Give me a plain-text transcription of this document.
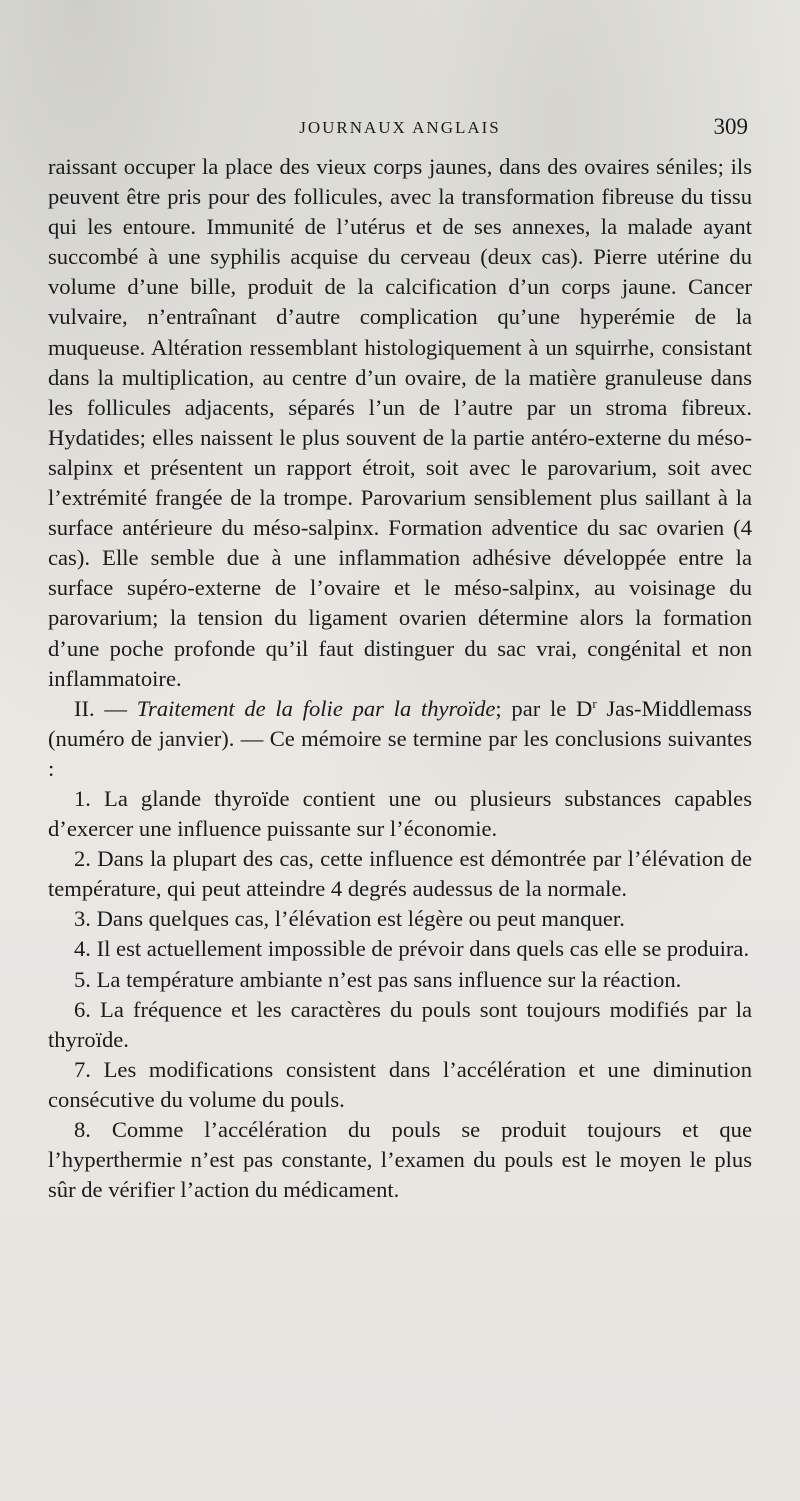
JOURNAUX ANGLAIS	309

raissant occuper la place des vieux corps jaunes, dans des ovaires séniles; ils peuvent être pris pour des follicules, avec la transformation fibreuse du tissu qui les entoure. Immunité de l’utérus et de ses annexes, la malade ayant succombé à une syphilis acquise du cerveau (deux cas). Pierre utérine du volume d’une bille, produit de la calcification d’un corps jaune. Cancer vulvaire, n’entraînant d’autre complication qu’une hyperémie de la muqueuse. Altération ressemblant histologiquement à un squirrhe, consistant dans la multiplication, au centre d’un ovaire, de la matière granuleuse dans les follicules adjacents, séparés l’un de l’autre par un stroma fibreux. Hydatides; elles naissent le plus souvent de la partie antéro-externe du méso-salpinx et présentent un rapport étroit, soit avec le parovarium, soit avec l’extrémité frangée de la trompe. Parovarium sensiblement plus saillant à la surface antérieure du méso-salpinx. Formation adventice du sac ovarien (4 cas). Elle semble due à une inflammation adhésive développée entre la surface supéro-externe de l’ovaire et le méso-salpinx, au voisinage du parovarium; la tension du ligament ovarien détermine alors la formation d’une poche profonde qu’il faut distinguer du sac vrai, congénital et non inflammatoire.

II. — Traitement de la folie par la thyroïde; par le $D^r$ Jas-Middlemass (numéro de janvier). — Ce mémoire se termine par les conclusions suivantes :

1. La glande thyroïde contient une ou plusieurs substances capables d’exercer une influence puissante sur l’économie.

2. Dans la plupart des cas, cette influence est démontrée par l’élévation de température, qui peut atteindre 4 degrés audessus de la normale.

3. Dans quelques cas, l’élévation est légère ou peut manquer.

4. Il est actuellement impossible de prévoir dans quels cas elle se produira.

5. La température ambiante n’est pas sans influence sur la réaction.

6. La fréquence et les caractères du pouls sont toujours modifiés par la thyroïde.

7. Les modifications consistent dans l’accélération et une diminution consécutive du volume du pouls.

8. Comme l’accélération du pouls se produit toujours et que l’hyperthermie n’est pas constante, l’examen du pouls est le moyen le plus sûr de vérifier l’action du médicament.
